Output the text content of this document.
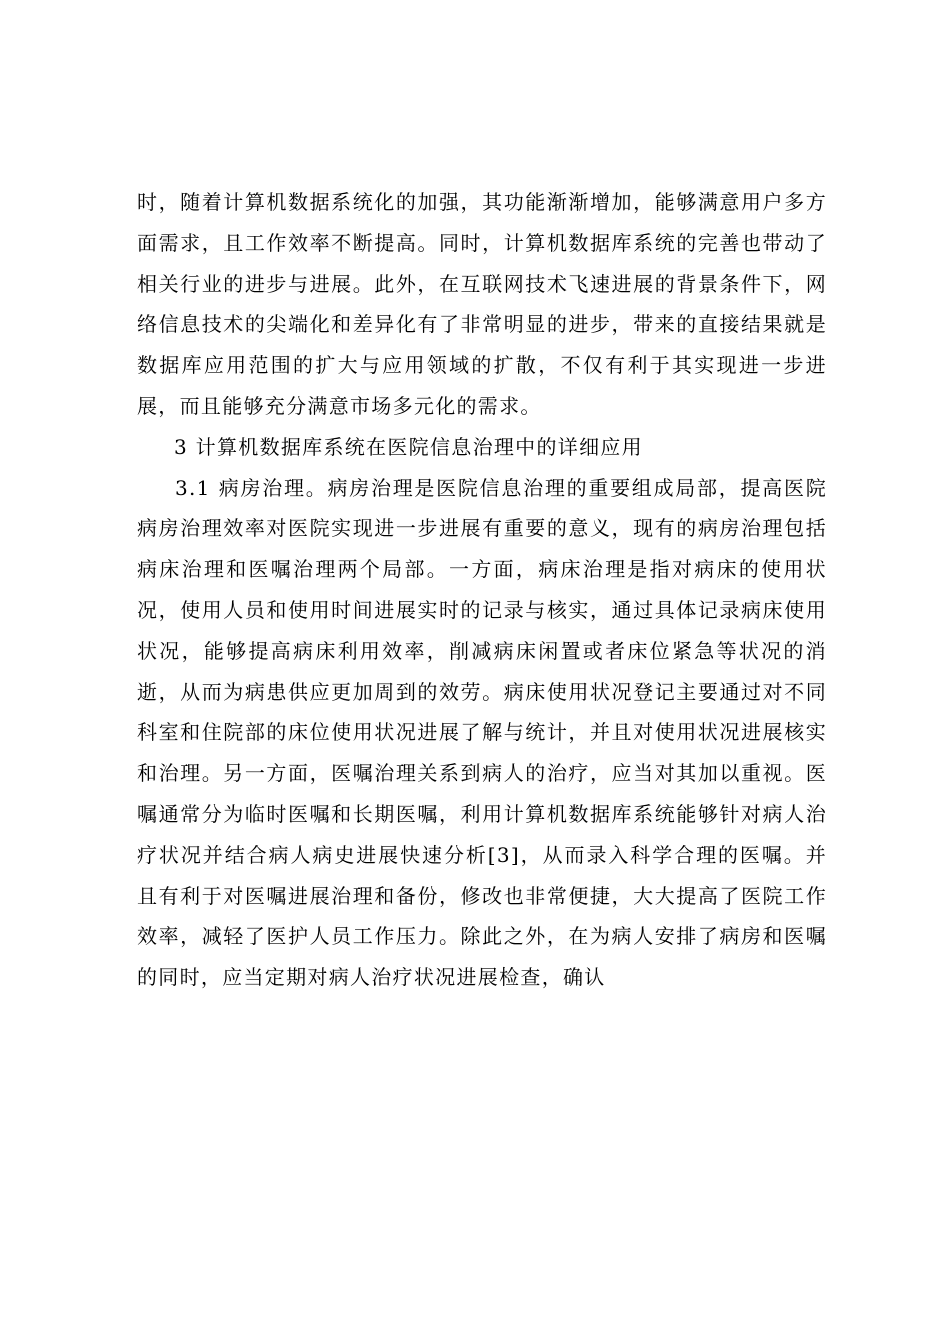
时，随着计算机数据系统化的加强，其功能渐渐增加，能够满意用户多方面需求，且工作效率不断提高。同时，计算机数据库系统的完善也带动了相关行业的进步与进展。此外，在互联网技术飞速进展的背景条件下，网络信息技术的尖端化和差异化有了非常明显的进步，带来的直接结果就是数据库应用范围的扩大与应用领域的扩散，不仅有利于其实现进一步进展，而且能够充分满意市场多元化的需求。

3 计算机数据库系统在医院信息治理中的详细应用

3.1 病房治理。病房治理是医院信息治理的重要组成局部，提高医院病房治理效率对医院实现进一步进展有重要的意义，现有的病房治理包括病床治理和医嘱治理两个局部。一方面，病床治理是指对病床的使用状况，使用人员和使用时间进展实时的记录与核实，通过具体记录病床使用状况，能够提高病床利用效率，削减病床闲置或者床位紧急等状况的消逝，从而为病患供应更加周到的效劳。病床使用状况登记主要通过对不同科室和住院部的床位使用状况进展了解与统计，并且对使用状况进展核实和治理。另一方面，医嘱治理关系到病人的治疗，应当对其加以重视。医嘱通常分为临时医嘱和长期医嘱，利用计算机数据库系统能够针对病人治疗状况并结合病人病史进展快速分析[3]，从而录入科学合理的医嘱。并且有利于对医嘱进展治理和备份，修改也非常便捷，大大提高了医院工作效率，减轻了医护人员工作压力。除此之外，在为病人安排了病房和医嘱的同时，应当定期对病人治疗状况进展检查，确认
